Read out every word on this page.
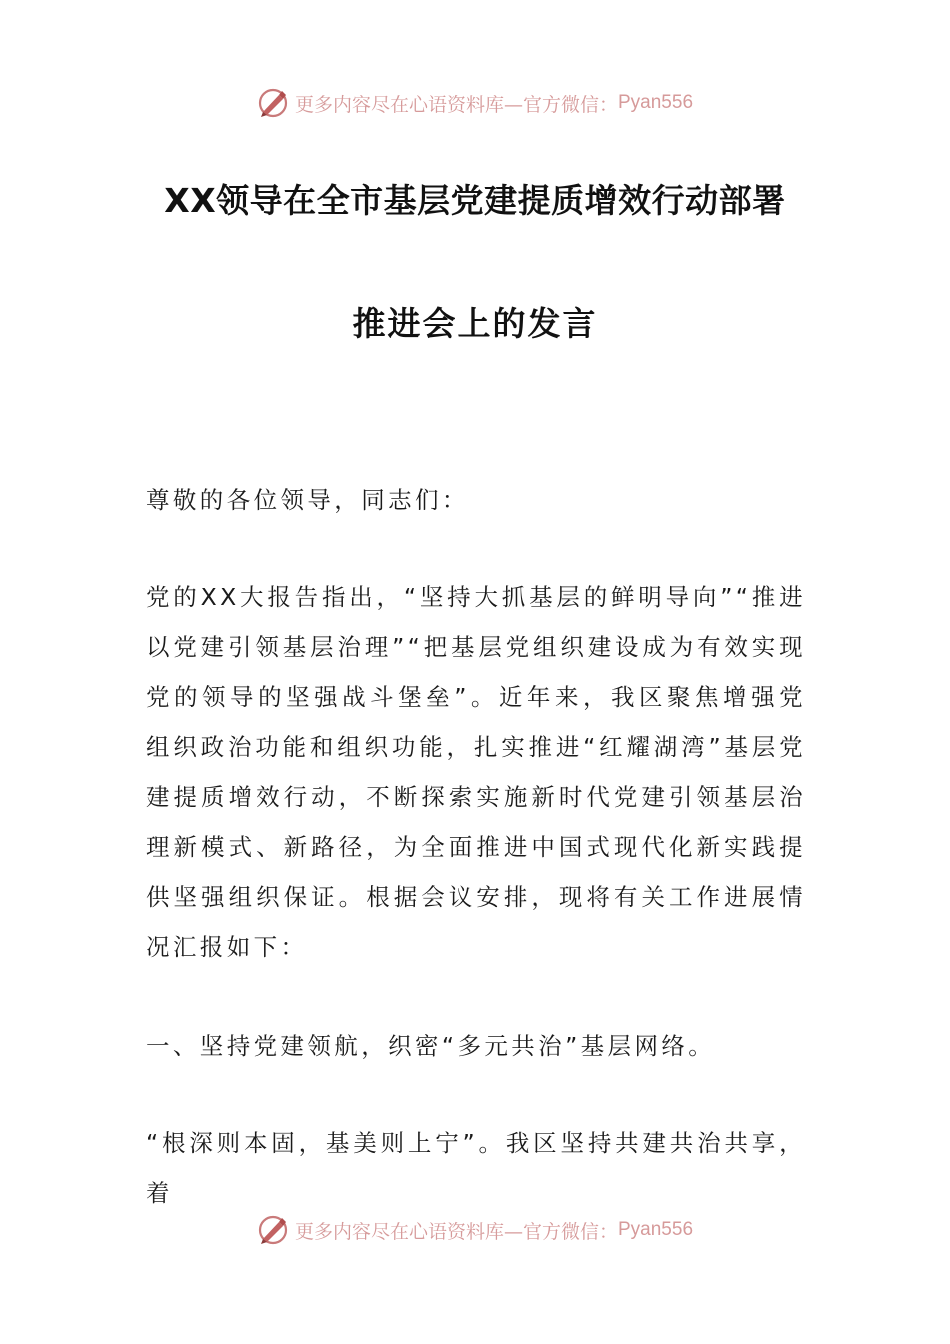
更多内容尽在心语资料库—官方微信： Pyan556
XX领导在全市基层党建提质增效行动部署
推进会上的发言

尊敬的各位领导，同志们：

党的XX大报告指出，“坚持大抓基层的鲜明导向”“推进以党建引领基层治理”“把基层党组织建设成为有效实现党的领导的坚强战斗堡垒”。近年来，我区聚焦增强党组织政治功能和组织功能，扎实推进“红耀湖湾”基层党建提质增效行动，不断探索实施新时代党建引领基层治理新模式、新路径，为全面推进中国式现代化新实践提供坚强组织保证。根据会议安排，现将有关工作进展情况汇报如下：

一、坚持党建领航，织密“多元共治”基层网络。

“根深则本固，基美则上宁”。我区坚持共建共治共享，着

更多内容尽在心语资料库—官方微信： Pyan556
